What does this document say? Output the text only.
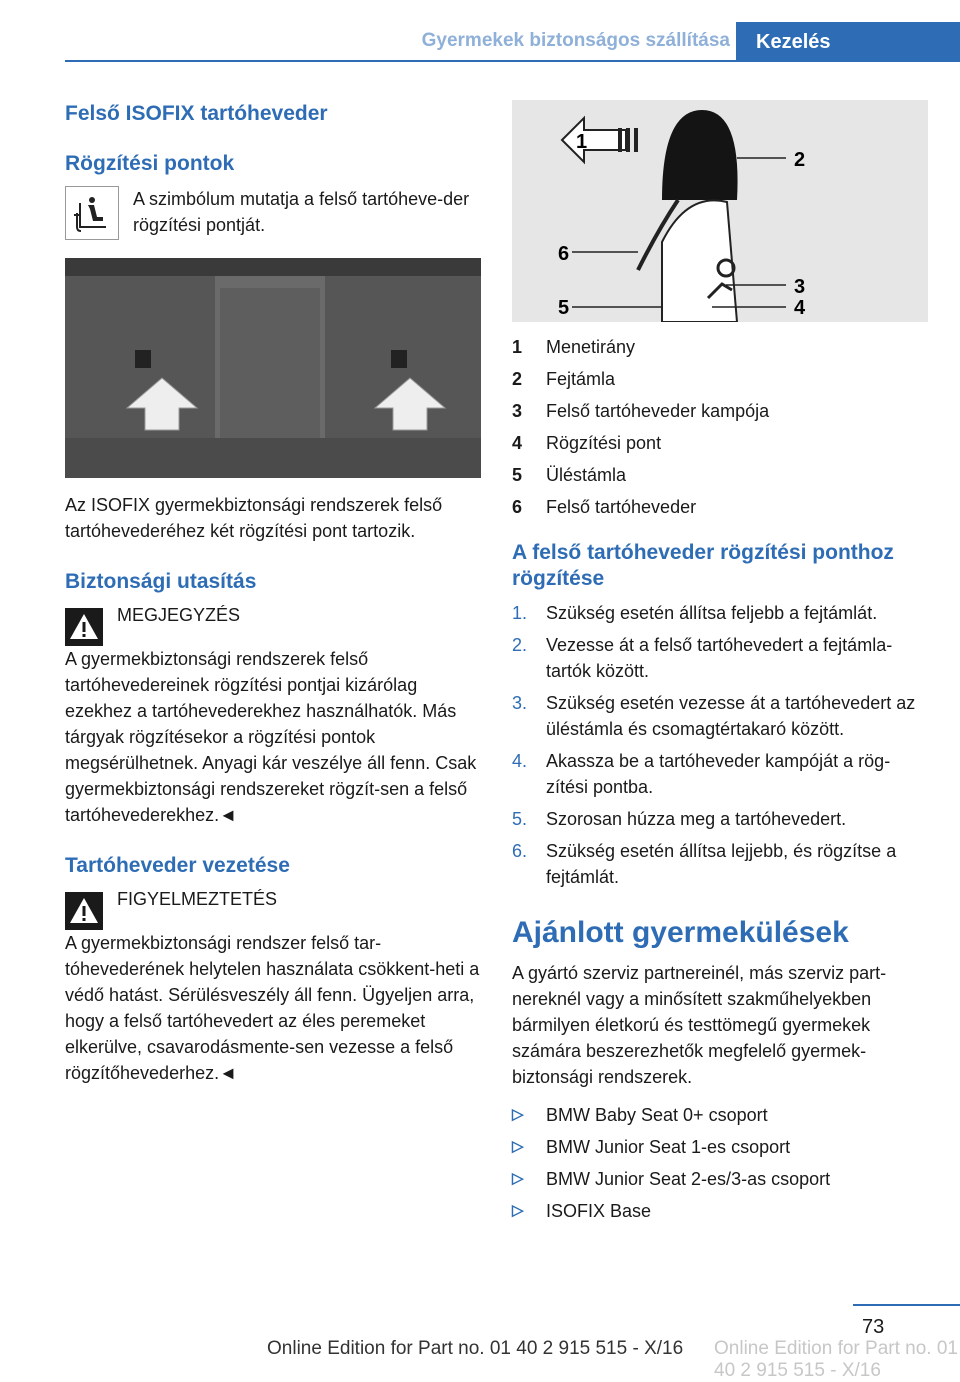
Gyermekek biztonságos szállítása	Kezelés
Felső ISOFIX tartóheveder
Rögzítési pontok

A szimbólum mutatja a felső tartóheve-der rögzítési pontját.

Az ISOFIX gyermekbiztonsági rendszerek felső tartóhevederéhez két rögzítési pont tartozik.

Biztonsági utasítás

MEGJEGYZÉS

A gyermekbiztonsági rendszerek felső tartóhevedereinek rögzítési pontjai kizárólag ezekhez a tartóhevederekhez használhatók. Más tárgyak rögzítésekor a rögzítési pontok megsérülhetnek. Anyagi kár veszélye áll fenn. Csak gyermekbiztonsági rendszereket rögzít-sen a felső tartóhevederekhez.◄

Tartóheveder vezetése

FIGYELMEZTETÉS

A gyermekbiztonsági rendszer felső tar-tóhevederének helytelen használata csökkent-heti a védő hatást. Sérülésveszély áll fenn. Ügyeljen arra, hogy a felső tartóhevedert az éles peremeket elkerülve, csavarodásmente-sen vezesse a felső rögzítőhevederhez.◄

1
2
6
3
5	4
1	Menetirány
2	Fejtámla
3	Felső tartóheveder kampója
4	Rögzítési pont
5	Üléstámla
6	Felső tartóheveder
A felső tartóheveder rögzítési ponthoz rögzítése
1.	Szükség esetén állítsa feljebb a fejtámlát.
2.	Vezesse át a felső tartóhevedert a fejtámla-tartók között.
3.	Szükség esetén vezesse át a tartóhevedert az üléstámla és csomagtértakaró között.
4.	Akassza be a tartóheveder kampóját a rög-zítési pontba.
5.	Szorosan húzza meg a tartóhevedert.
6.	Szükség esetén állítsa lejjebb, és rögzítse a fejtámlát.
Ajánlott gyermekülések

A gyártó szerviz partnereinél, más szerviz part-nereknél vagy a minősített szakműhelyekben bármilyen életkorú és testtömegű gyermekek számára beszerezhetők megfelelő gyermek-biztonsági rendszerek.

▷	BMW Baby Seat 0+ csoport
▷	BMW Junior Seat 1-es csoport
▷	BMW Junior Seat 2-es/3-as csoport
▷	ISOFIX Base
73
Online Edition for Part no. 01 40 2 915 515 - X/16 Online Edition for Part no. 01 40 2 915 515 - X/16
